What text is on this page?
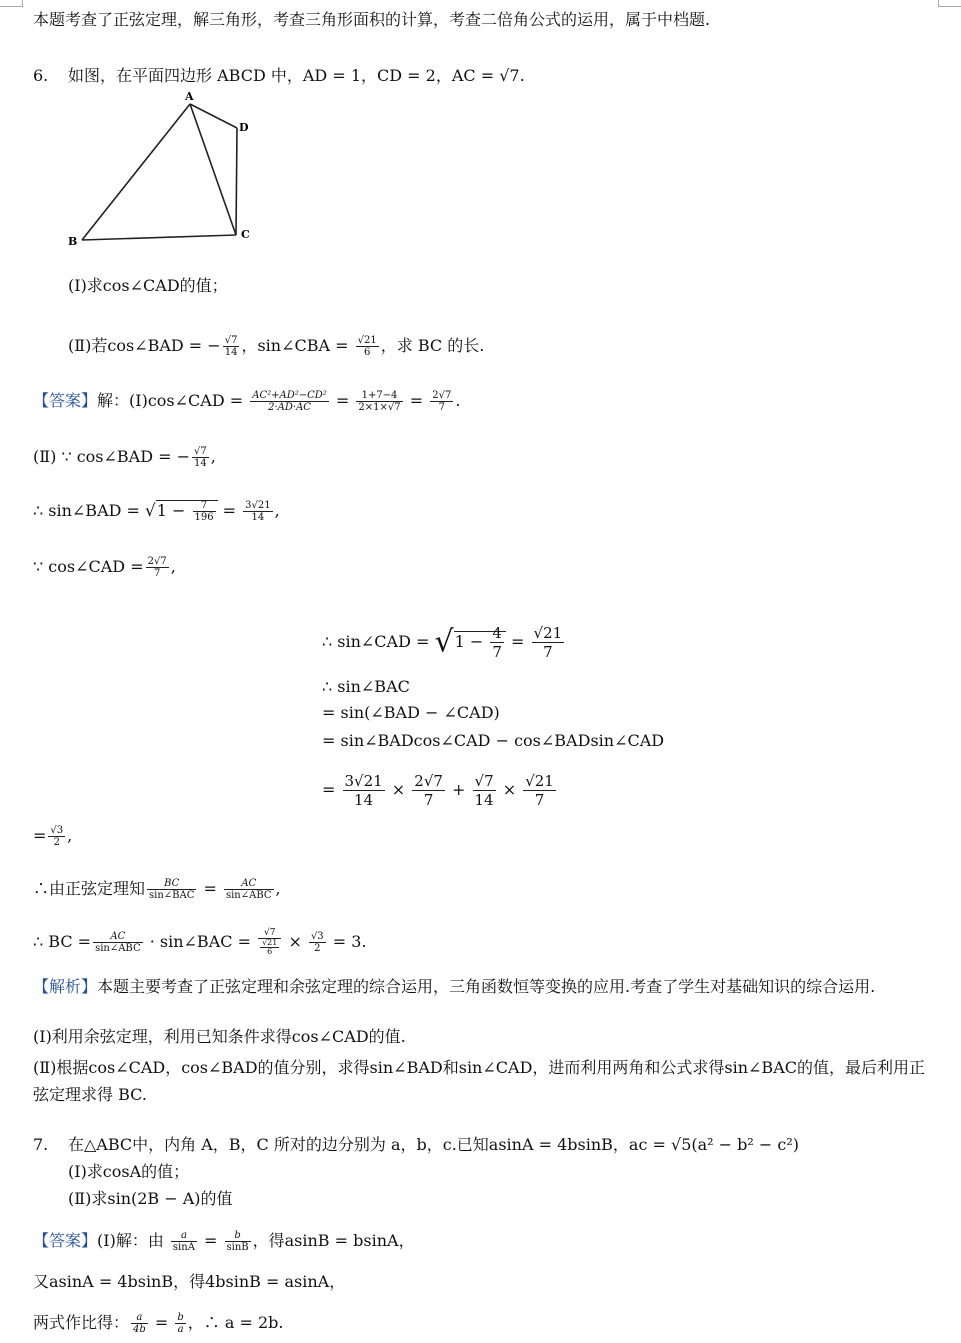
本题考查了正弦定理，解三角形，考查三角形面积的计算，考查二倍角公式的运用，属于中档题.
6. 如图，在平面四边形 ABCD 中，AD = 1，CD = 2，AC = √7.
A
B
C
D
(Ⅰ)求cos∠CAD的值；
(Ⅱ)若cos∠BAD = − $\frac{√7}{14}$ ，sin∠CBA = $\frac{√21}{6}$ ，求 BC 的长.
【答案】解：(Ⅰ)cos∠CAD = $\frac{\text{AC²+AD²−CD²}}{2\cdot AD\cdot AC} = \frac{1+7-4}{2\times 1\times√7} = \frac{2√7}{7}$ .
(Ⅱ) ∵ cos∠BAD = − $\frac{√7}{14}$ ,
∴ sin∠BAD = $√1 - \frac{7}{196} = \frac{3√21}{14}$ ,
∵ cos∠CAD = $\frac{2√7}{7}$ ,
∴ sin∠CAD = $√1 - \frac{4}{7} = \frac{√21}{7}$
∴ sin∠BAC
= sin(∠BAD − ∠CAD)
= sin∠BADcos∠CAD − cos∠BADsin∠CAD
= $\frac{3√21}{14} \times \frac{2√7}{7} + \frac{√7}{14} \times \frac{√21}{7}$
= $\frac{√3}{2}$ ,
∴由正弦定理知 $\frac{BC}{\text{sin∠BAC}} = \frac{AC}{\text{sin∠ABC}}$ ,
∴ BC = $\frac{AC}{\text{sin∠ABC}}$ · sin∠BAC = $\frac{√7}{\frac{√21}{6}} \times \frac{√3}{2} = 3$.
【解析】本题主要考查了正弦定理和余弦定理的综合运用，三角函数恒等变换的应用.考查了学生对基础知识的综合运用.
(Ⅰ)利用余弦定理，利用已知条件求得cos∠CAD的值.
(Ⅱ)根据cos∠CAD，cos∠BAD的值分别，求得sin∠BAD和sin∠CAD，进而利用两角和公式求得sin∠BAC的值，最后利用正弦定理求得 BC.
7. 在△ABC中，内角 A，B，C 所对的边分别为 a，b，c.已知asinA = 4bsinB，ac = √5(a² − b² − c²)
(Ⅰ)求cosA的值；
(Ⅱ)求sin(2B − A)的值
【答案】(Ⅰ)解：由 $\frac{a}{\sin A} = \frac{b}{\sin B}$ ，得asinB = bsinA，
又asinA = 4bsinB，得4bsinB = asinA，
两式作比得： $\frac{a}{4b} = \frac{b}{a}$ ，∴ a = 2b.
